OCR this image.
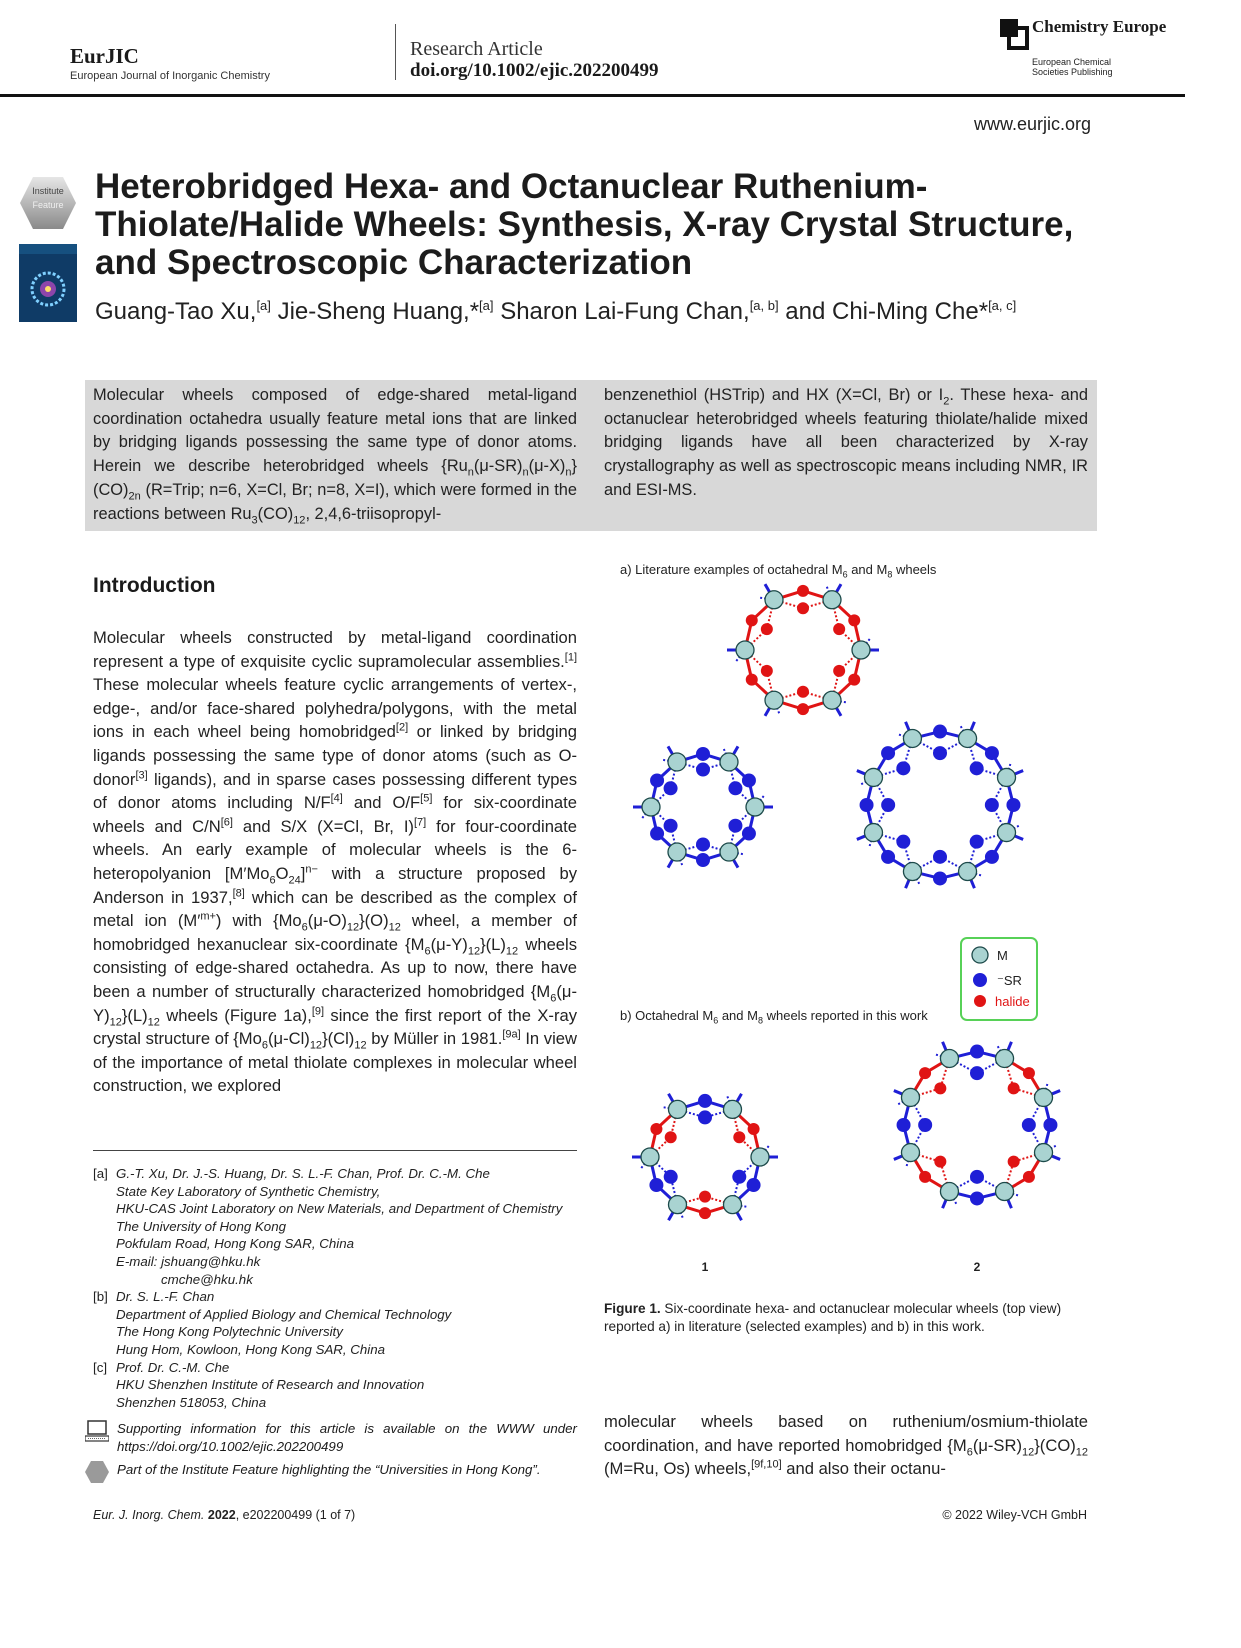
EurJIC
European Journal of Inorganic Chemistry
Research Article
doi.org/10.1002/ejic.202200499
Chemistry Europe
European Chemical
Societies Publishing
www.eurjic.org
Institute
Feature Heterobridged Hexa- and Octanuclear Ruthenium-Thiolate/Halide Wheels: Synthesis, X-ray Crystal Structure, and Spectroscopic Characterization
Guang-Tao Xu,[a] Jie-Sheng Huang,*[a] Sharon Lai-Fung Chan,[a, b] and Chi-Ming Che*[a, c]
Molecular wheels composed of edge-shared metal-ligand coordination octahedra usually feature metal ions that are linked by bridging ligands possessing the same type of donor atoms. Herein we describe heterobridged wheels $\{Ru_n(\mu-SR)_n(\mu-X)_n\}(CO)_{2n}$ (R=Trip; n=6, X=Cl, Br; n=8, X=I), which were formed in the reactions between $Ru_3(CO)_{12}$, 2,4,6-triisopropyl-
benzenethiol (HSTrip) and HX (X=Cl, Br) or $I_2$. These hexa- and octanuclear heterobridged wheels featuring thiolate/halide mixed bridging ligands have all been characterized by X-ray crystallography as well as spectroscopic means including NMR, IR and ESI-MS.
Introduction
Molecular wheels constructed by metal-ligand coordination represent a type of exquisite cyclic supramolecular assemblies.[1] These molecular wheels feature cyclic arrangements of vertex-, edge-, and/or face-shared polyhedra/polygons, with the metal ions in each wheel being homobridged[2] or linked by bridging ligands possessing the same type of donor atoms (such as O-donor[3] ligands), and in sparse cases possessing different types of donor atoms including N/F[4] and O/F[5] for six-coordinate wheels and C/N[6] and S/X (X=Cl, Br, I)[7] for four-coordinate wheels. An early example of molecular wheels is the 6-heteropolyanion $[M'Mo_6O_{24}]^{n-}$ with a structure proposed by Anderson in 1937,[8] which can be described as the complex of metal ion $(M'^{m+})$ with $\{Mo_6(\mu-O)_{12}\}(O)_{12}$ wheel, a member of homobridged hexanuclear six-coordinate $\{M_6(\mu-Y)_{12}\}(L)_{12}$ wheels consisting of edge-shared octahedra. As up to now, there have been a number of structurally characterized homobridged $\{M_6(\mu-Y)_{12}\}(L)_{12}$ wheels (Figure 1a),[9] since the first report of the X-ray crystal structure of $\{Mo_6(\mu-Cl)_{12}\}(Cl)_{12}$ by Müller in 1981.[9a] In view of the importance of metal thiolate complexes in molecular wheel construction, we explored
[a] G.-T. Xu, Dr. J.-S. Huang, Dr. S. L.-F. Chan, Prof. Dr. C.-M. Che
State Key Laboratory of Synthetic Chemistry,
HKU-CAS Joint Laboratory on New Materials, and Department of Chemistry
The University of Hong Kong
Pokfulam Road, Hong Kong SAR, China
E-mail: jshuang@hku.hk
cmche@hku.hk
[b] Dr. S. L.-F. Chan
Department of Applied Biology and Chemical Technology
The Hong Kong Polytechnic University
Hung Hom, Kowloon, Hong Kong SAR, China
[c] Prof. Dr. C.-M. Che
HKU Shenzhen Institute of Research and Innovation
Shenzhen 518053, China
Supporting information for this article is available on the WWW under https://doi.org/10.1002/ejic.202200499
Part of the Institute Feature highlighting the “Universities in Hong Kong”.
a) Literature examples of octahedral $M_6$ and $M_8$ wheels
b) Octahedral $M_6$ and $M_8$ wheels reported in this work
M
⁻SR
halide
1	2
Figure 1. Six-coordinate hexa- and octanuclear molecular wheels (top view) reported a) in literature (selected examples) and b) in this work.
molecular wheels based on ruthenium/osmium-thiolate coordination, and have reported homobridged $\{M_6(\mu-SR)_{12}\}(CO)_{12}$ (M=Ru, Os) wheels,[9f,10] and also their octanu-
Eur. J. Inorg. Chem. 2022, e202200499 (1 of 7)	© 2022 Wiley-VCH GmbH
